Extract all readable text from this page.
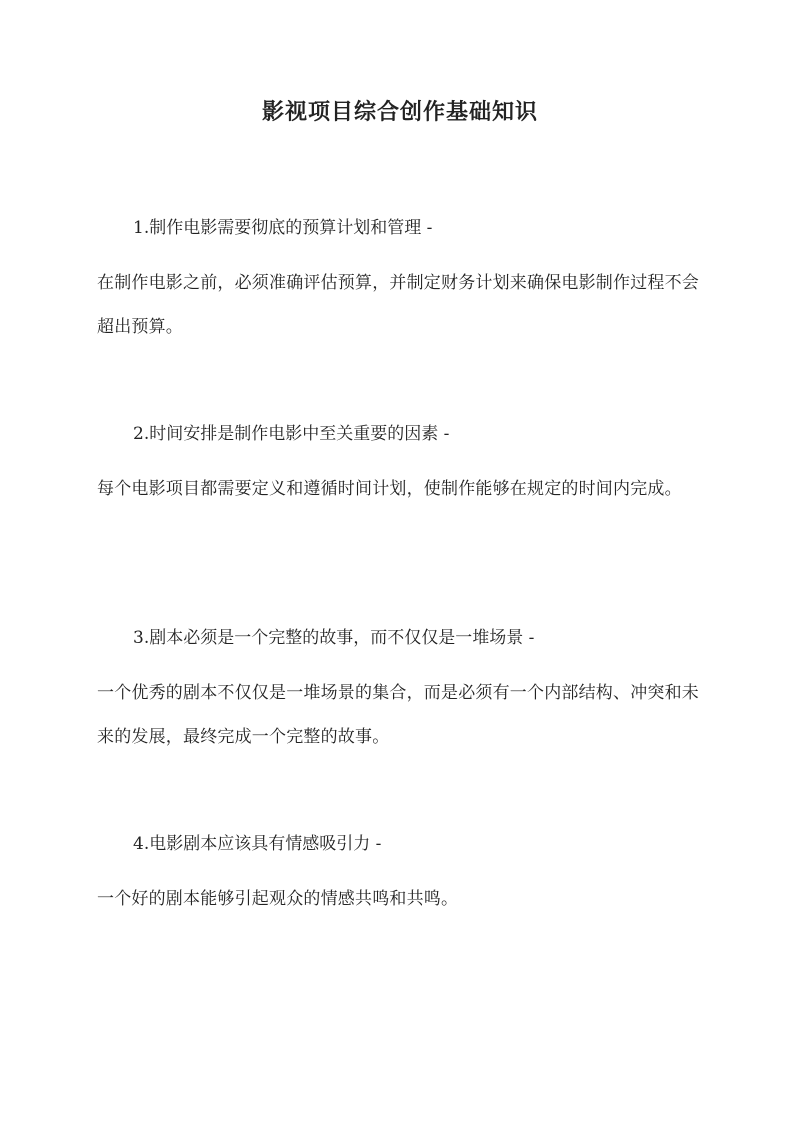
影视项目综合创作基础知识

1.制作电影需要彻底的预算计划和管理 -

在制作电影之前，必须准确评估预算，并制定财务计划来确保电影制作过程不会超出预算。

2.时间安排是制作电影中至关重要的因素 -

每个电影项目都需要定义和遵循时间计划，使制作能够在规定的时间内完成。

3.剧本必须是一个完整的故事，而不仅仅是一堆场景 -

一个优秀的剧本不仅仅是一堆场景的集合，而是必须有一个内部结构、冲突和未来的发展，最终完成一个完整的故事。

4.电影剧本应该具有情感吸引力 -

一个好的剧本能够引起观众的情感共鸣和共鸣。
